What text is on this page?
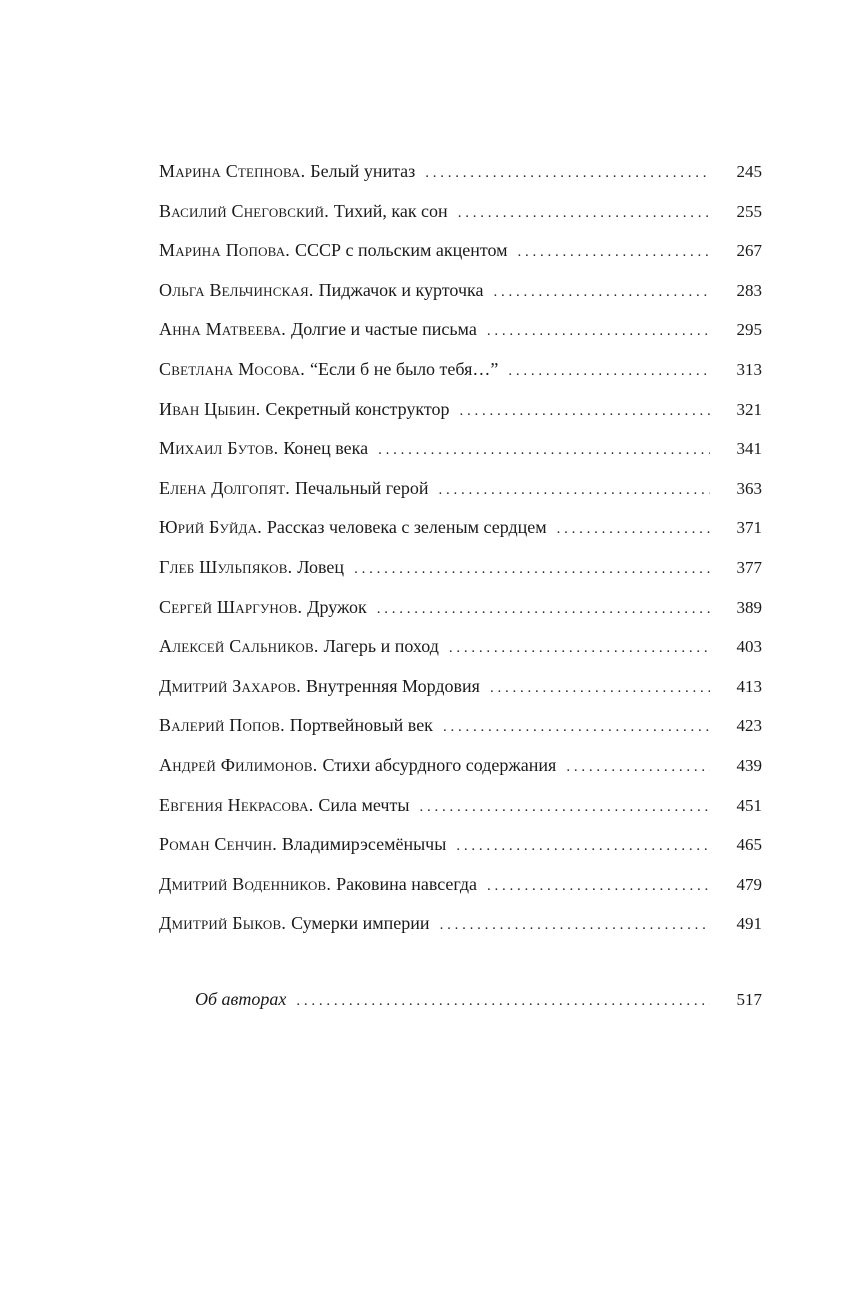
Марина Степнова. Белый унитаз . . .	245
Василий Снеговский. Тихий, как сон . . .	255
Марина Попова. СССР с польским акцентом . . .	267
Ольга Вельчинская. Пиджачок и курточка . . .	283
Анна Матвеева. Долгие и частые письма . . .	295
Светлана Мосова. “Если б не было тебя…” . . .	313
Иван Цыбин. Секретный конструктор . . .	321
Михаил Бутов. Конец века . . .	341
Елена Долгопят. Печальный герой . . .	363
Юрий Буйда. Рассказ человека с зеленым сердцем . . .	371
Глеб Шульпяков. Ловец . . .	377
Сергей Шаргунов. Дружок . . .	389
Алексей Сальников. Лагерь и поход . . .	403
Дмитрий Захаров. Внутренняя Мордовия . . .	413
Валерий Попов. Портвейновый век . . .	423
Андрей Филимонов. Стихи абсурдного содержания . . .	439
Евгения Некрасова. Сила мечты . . .	451
Роман Сенчин. Владимирэсемёнычы . . .	465
Дмитрий Воденников. Раковина навсегда . . .	479
Дмитрий Быков. Сумерки империи . . .	491
Об авторах . . .	517
